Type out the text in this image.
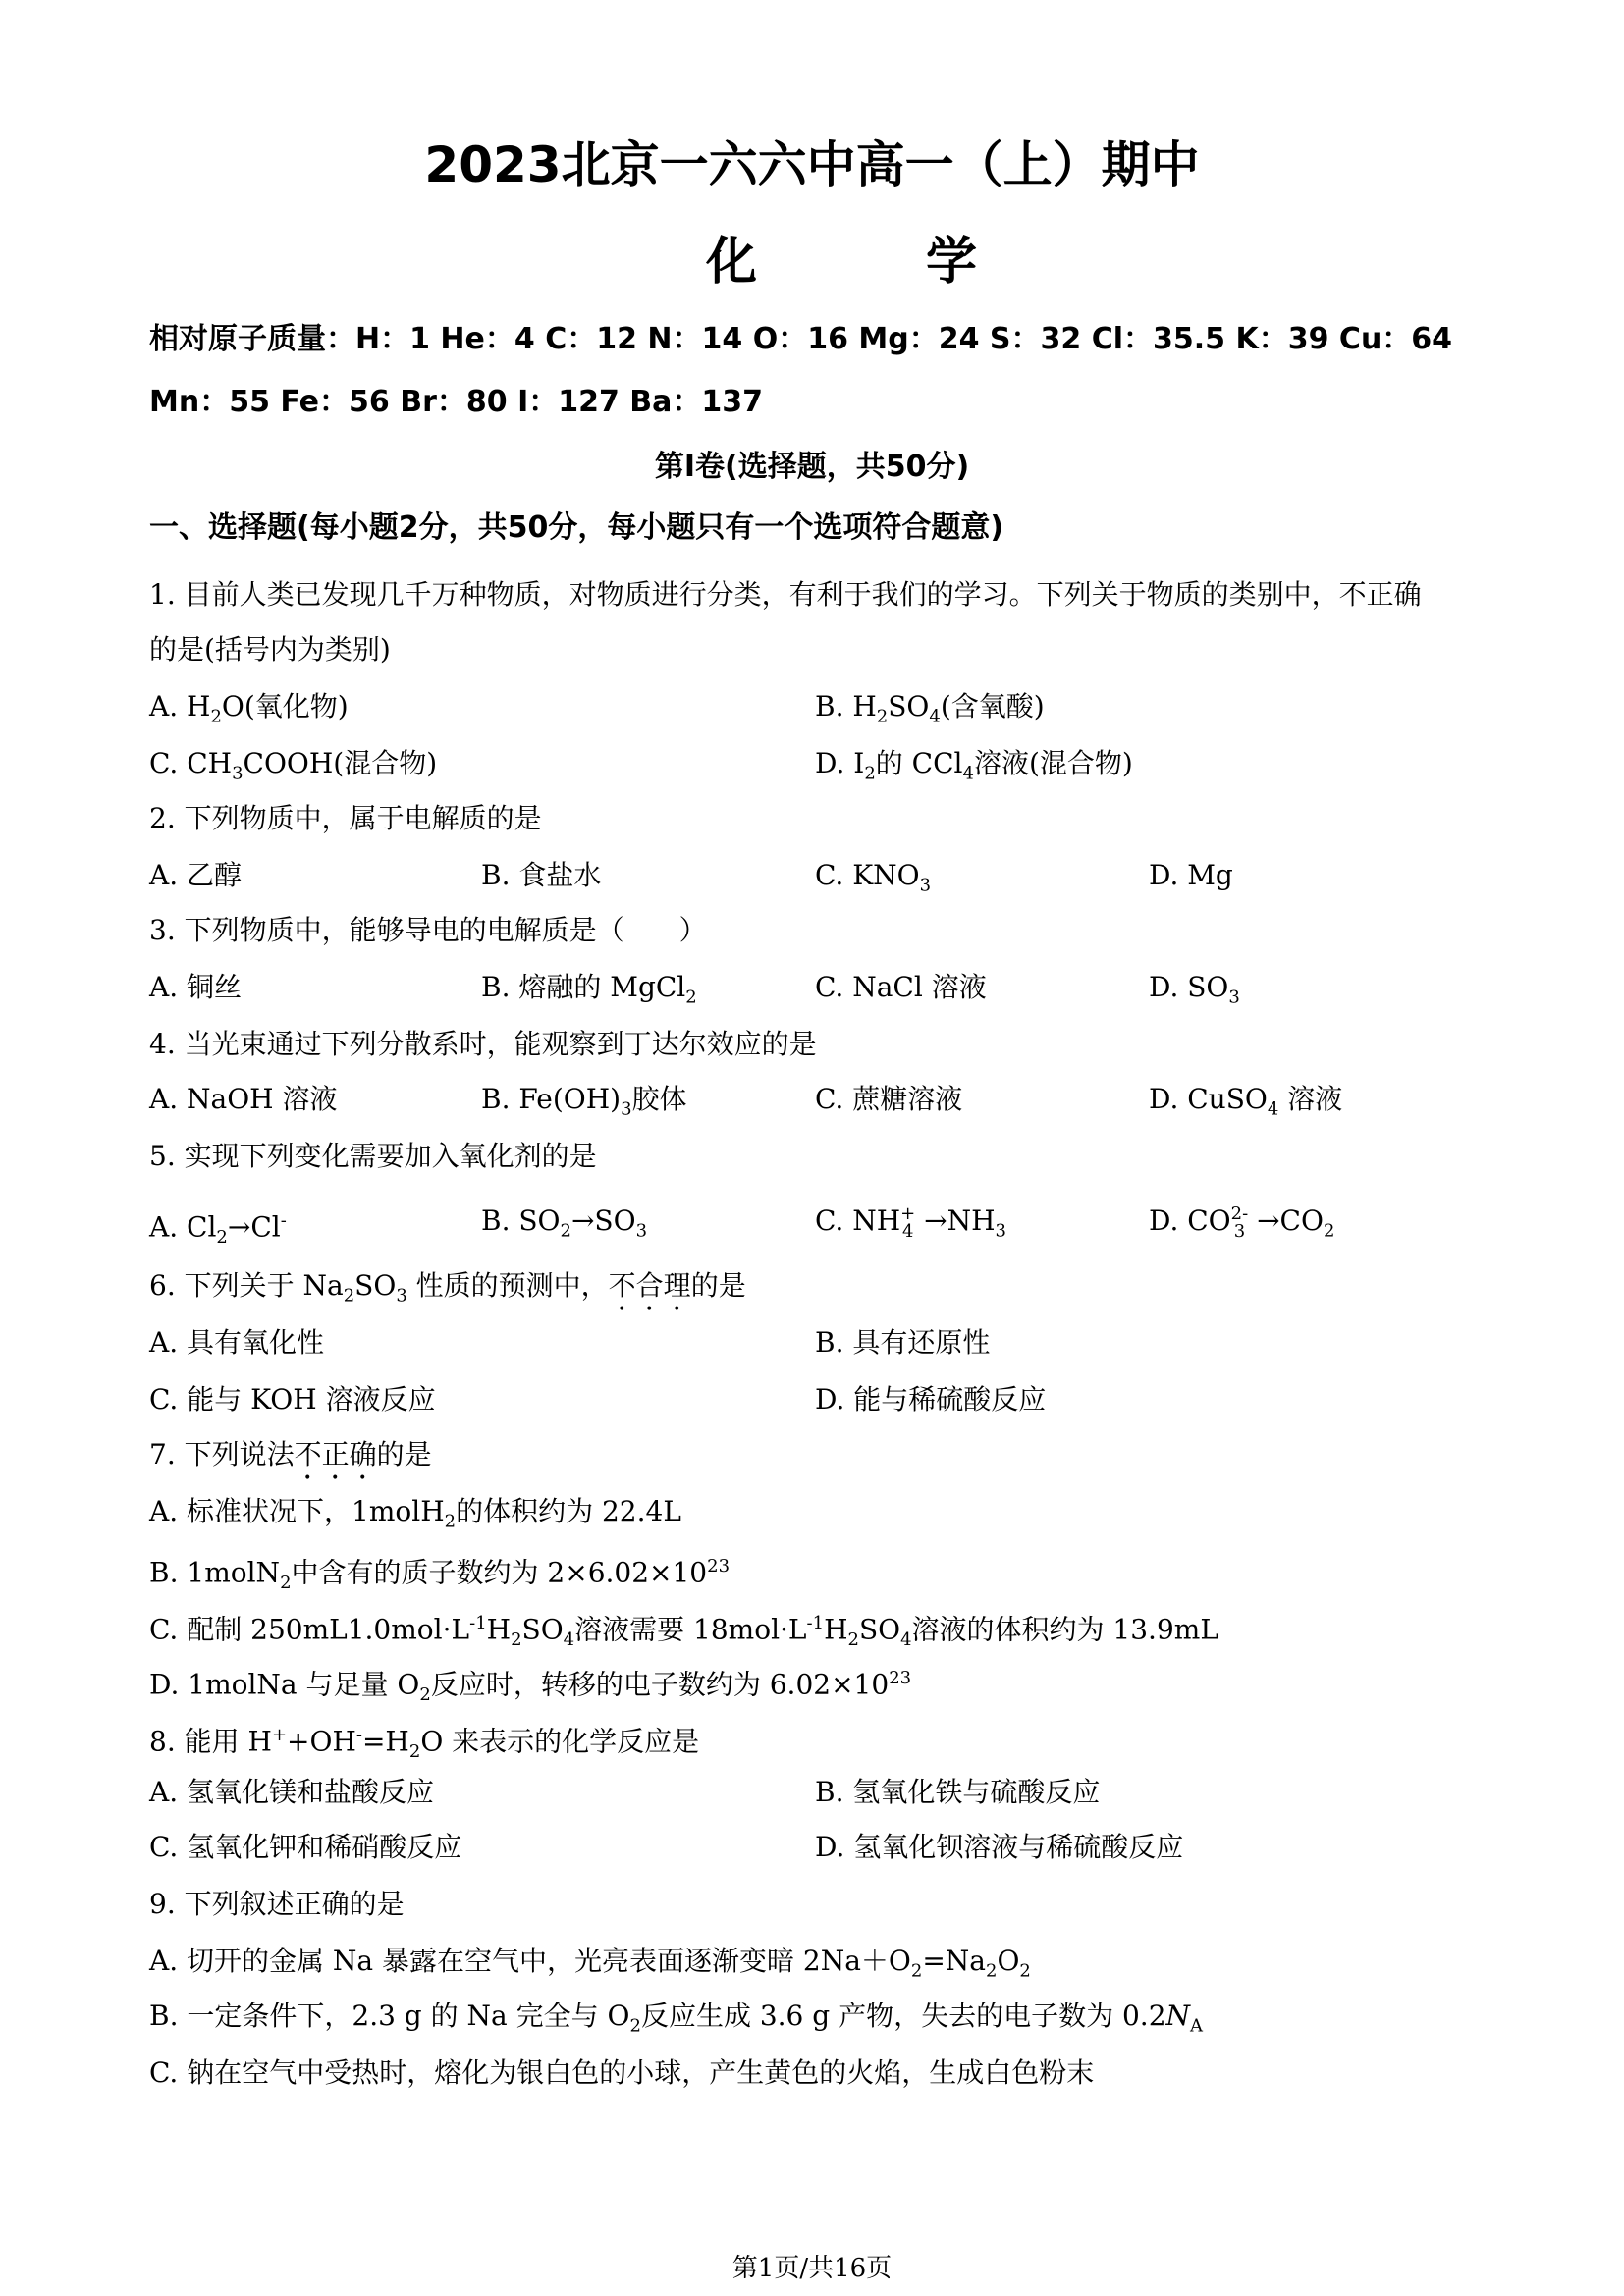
2023北京一六六中高一（上）期中
化　学
相对原子质量：H：1 He：4 C：12 N：14 O：16 Mg：24 S：32 Cl：35.5 K：39 Cu：64
Mn：55 Fe：56 Br：80 I：127 Ba：137
第Ⅰ卷(选择题，共50分)
一、选择题(每小题2分，共50分，每小题只有一个选项符合题意)
1. 目前人类已发现几千万种物质，对物质进行分类，有利于我们的学习。下列关于物质的类别中，不正确
的是(括号内为类别)
A. $H_2O$(氧化物)	B. $H_2SO_4$(含氧酸)
C. $CH_3COOH$(混合物)	D. $I_2$的 CCl$_4$溶液(混合物)
2. 下列物质中，属于电解质的是
A. 乙醇	B. 食盐水	C. $KNO_3$	D. Mg
3. 下列物质中，能够导电的电解质是（　　）
A. 铜丝	B. 熔融的 MgCl$_2$	C. NaCl 溶液	D. $SO_3$
4. 当光束通过下列分散系时，能观察到丁达尔效应的是
A. NaOH 溶液	B. $Fe(OH)_3$胶体	C. 蔗糖溶液	D. CuSO$_4$ 溶液
5. 实现下列变化需要加入氧化剂的是
A. $Cl_2\to Cl^-$	B. $SO_2\to SO_3$	C. NH+
$4 \to NH_3$	D. CO2-
$3 \to CO_2$
6. 下列关于 $Na_2SO_3$ 性质的预测中，不合理的是
A. 具有氧化性	B. 具有还原性
C. 能与 KOH 溶液反应	D. 能与稀硫酸反应
7. 下列说法不正确的是
A. 标准状况下，1molH$_2$的体积约为 22.4L
B. 1molN$_2$中含有的质子数约为 $2\times 6.02\times 10^{23}$
C. 配制 $250mL1.0mol\cdot L^{-1}H_2SO_4$溶液需要 $18mol\cdot L^{-1}H_2SO_4$溶液的体积约为 13.9mL
D. 1molNa 与足量 $O_2$反应时，转移的电子数约为 $6.02\times 10^{23}$
8. 能用 $H^++OH^-=H_2O$ 来表示的化学反应是
A. 氢氧化镁和盐酸反应	B. 氢氧化铁与硫酸反应
C. 氢氧化钾和稀硝酸反应	D. 氢氧化钡溶液与稀硫酸反应
9. 下列叙述正确的是
A. 切开的金属 Na 暴露在空气中，光亮表面逐渐变暗 $2Na+O_2=Na_2O_2$
B. 一定条件下，2.3 g 的 Na 完全与 $O_2$反应生成 3.6 g 产物，失去的电子数为 $0.2N_A$
C. 钠在空气中受热时，熔化为银白色的小球，产生黄色的火焰，生成白色粉末
第1页/共16页
